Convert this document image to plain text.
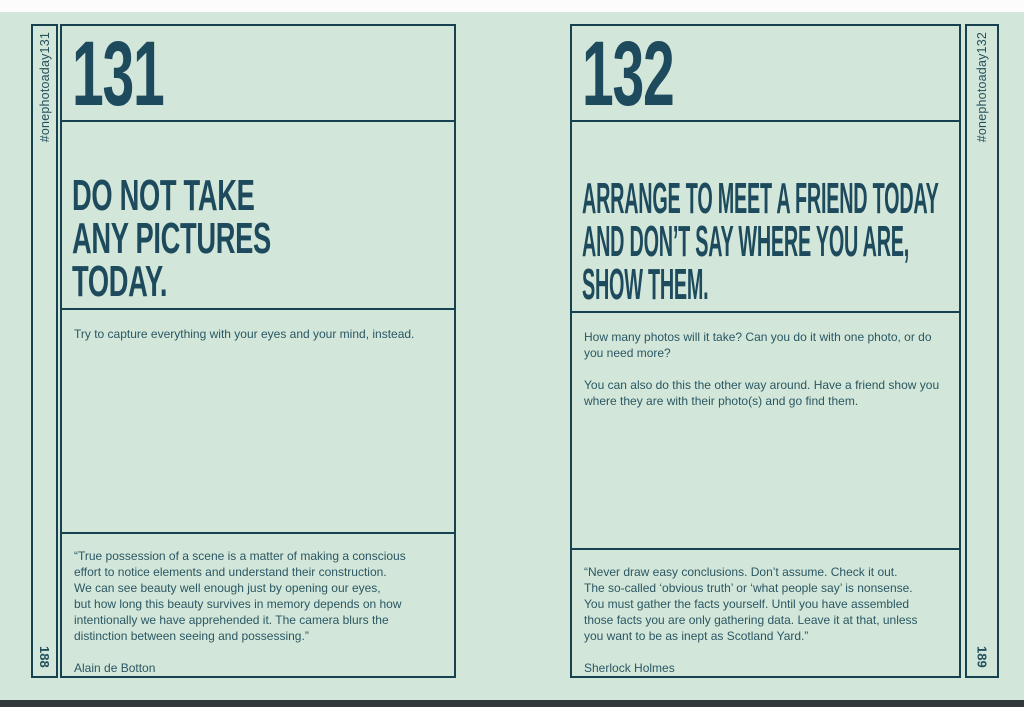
#onephotoaday131
188
131
DO NOT TAKE
ANY PICTURES
TODAY.
Try to capture everything with your eyes and your mind, instead.
“True possession of a scene is a matter of making a conscious
effort to notice elements and understand their construction.
We can see beauty well enough just by opening our eyes,
but how long this beauty survives in memory depends on how
intentionally we have apprehended it. The camera blurs the
distinction between seeing and possessing.”

Alain de Botton

132
ARRANGE TO MEET A FRIEND TODAY
AND DON’T SAY WHERE YOU ARE,
SHOW THEM.
How many photos will it take? Can you do it with one photo, or do
you need more?
You can also do this the other way around. Have a friend show you
where they are with their photo(s) and go find them.
“Never draw easy conclusions. Don’t assume. Check it out.
The so-called ‘obvious truth’ or ‘what people say’ is nonsense.
You must gather the facts yourself. Until you have assembled
those facts you are only gathering data. Leave it at that, unless
you want to be as inept as Scotland Yard.”

Sherlock Holmes

#onephotoaday132
189
